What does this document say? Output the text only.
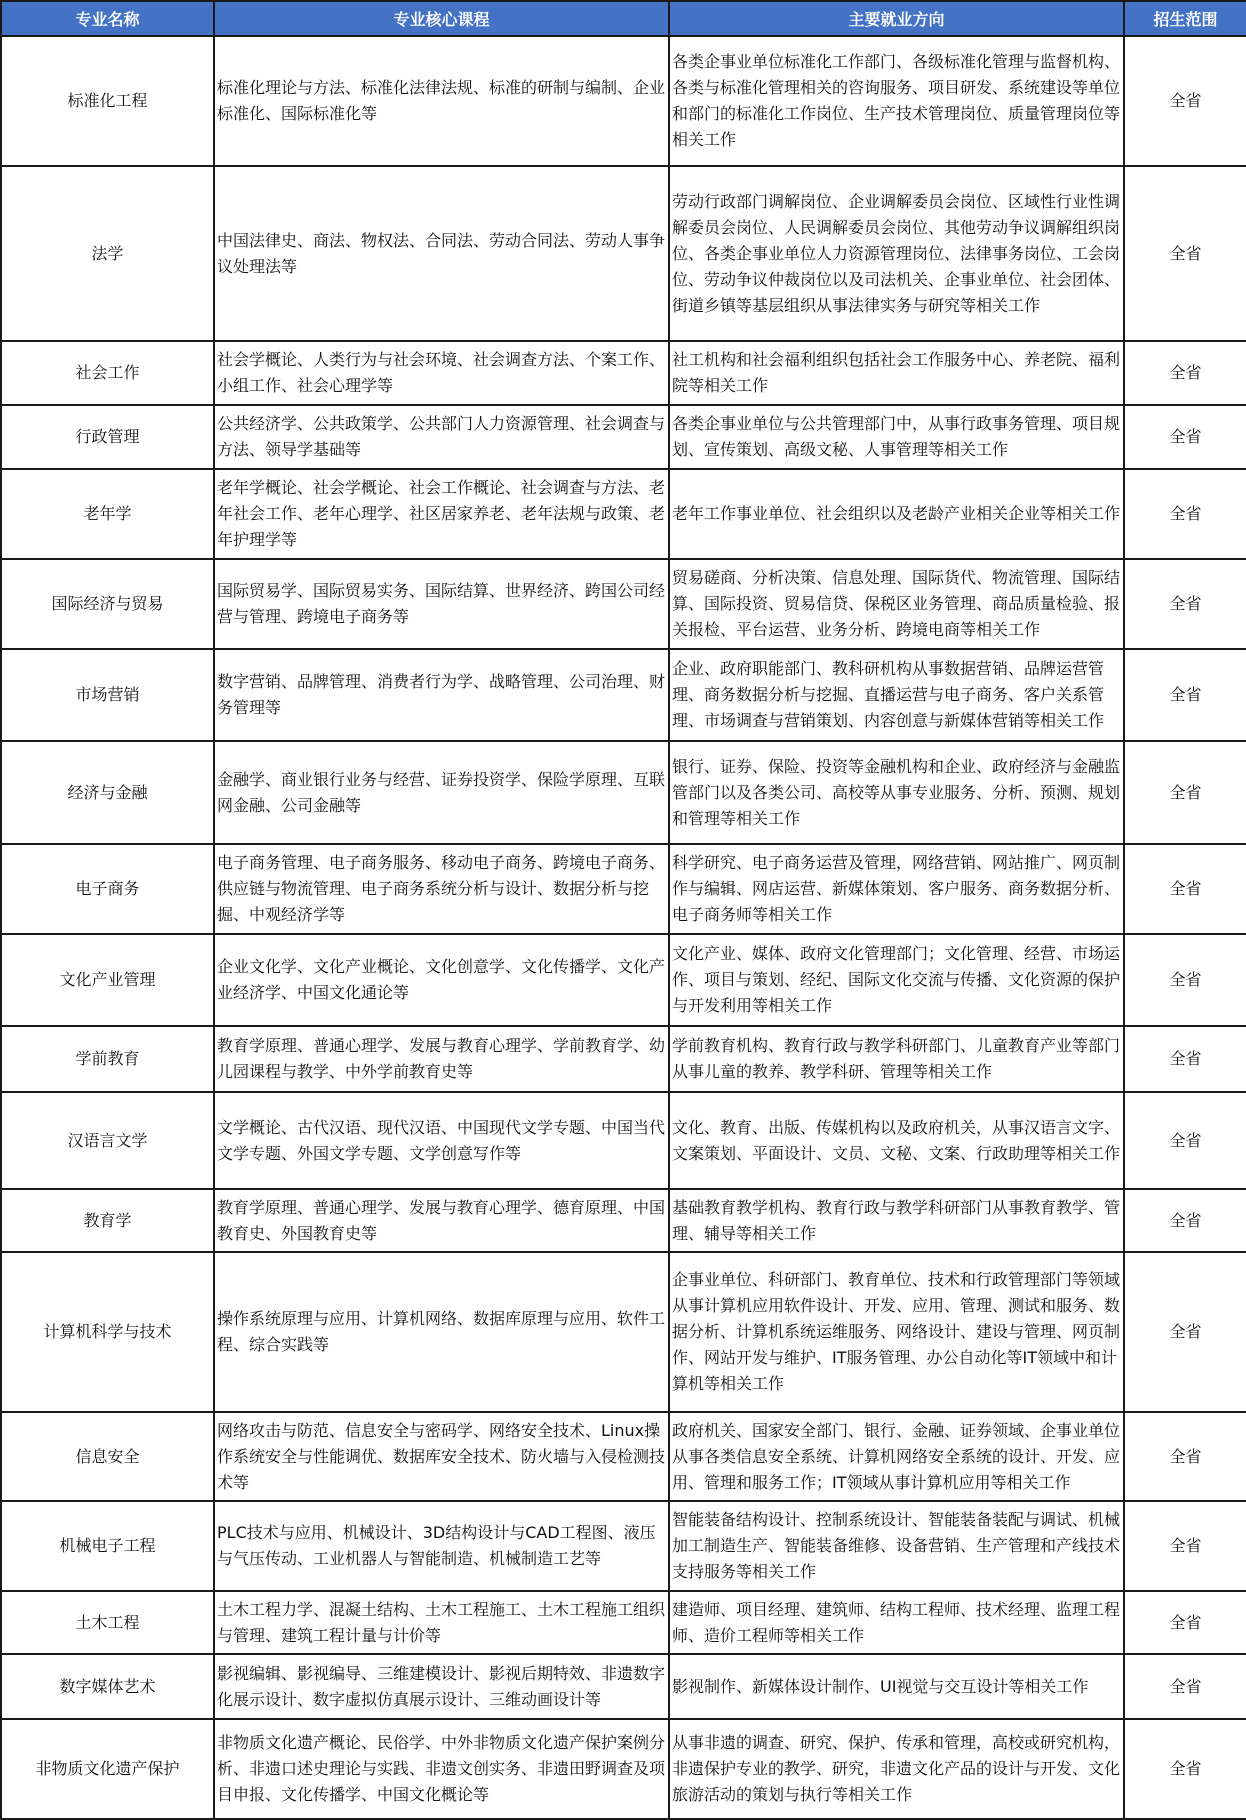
专业名称	专业核心课程	主要就业方向	招生范围

标准化工程	标准化理论与方法、标准化法律法规、标准的研制与编制、企业标准化、国际标准化等	各类企事业单位标准化工作部门、各级标准化管理与监督机构、各类与标准化管理相关的咨询服务、项目研发、系统建设等单位和部门的标准化工作岗位、生产技术管理岗位、质量管理岗位等相关工作	全省

法学	中国法律史、商法、物权法、合同法、劳动合同法、劳动人事争议处理法等	劳动行政部门调解岗位、企业调解委员会岗位、区域性行业性调解委员会岗位、人民调解委员会岗位、其他劳动争议调解组织岗位、各类企事业单位人力资源管理岗位、法律事务岗位、工会岗位、劳动争议仲裁岗位以及司法机关、企事业单位、社会团体、街道乡镇等基层组织从事法律实务与研究等相关工作	全省

社会工作	社会学概论、人类行为与社会环境、社会调查方法、个案工作、小组工作、社会心理学等	社工机构和社会福利组织包括社会工作服务中心、养老院、福利院等相关工作	全省

行政管理	公共经济学、公共政策学、公共部门人力资源管理、社会调查与方法、领导学基础等	各类企事业单位与公共管理部门中，从事行政事务管理、项目规划、宣传策划、高级文秘、人事管理等相关工作	全省

老年学	老年学概论、社会学概论、社会工作概论、社会调查与方法、老年社会工作、老年心理学、社区居家养老、老年法规与政策、老年护理学等	老年工作事业单位、社会组织以及老龄产业相关企业等相关工作	全省

国际经济与贸易	国际贸易学、国际贸易实务、国际结算、世界经济、跨国公司经营与管理、跨境电子商务等	贸易磋商、分析决策、信息处理、国际货代、物流管理、国际结算、国际投资、贸易信贷、保税区业务管理、商品质量检验、报关报检、平台运营、业务分析、跨境电商等相关工作	全省

市场营销	数字营销、品牌管理、消费者行为学、战略管理、公司治理、财务管理等	企业、政府职能部门、教科研机构从事数据营销、品牌运营管理、商务数据分析与挖掘、直播运营与电子商务、客户关系管理、市场调查与营销策划、内容创意与新媒体营销等相关工作	全省

经济与金融	金融学、商业银行业务与经营、证券投资学、保险学原理、互联网金融、公司金融等	银行、证券、保险、投资等金融机构和企业、政府经济与金融监管部门以及各类公司、高校等从事专业服务、分析、预测、规划和管理等相关工作	全省

电子商务	电子商务管理、电子商务服务、移动电子商务、跨境电子商务、供应链与物流管理、电子商务系统分析与设计、数据分析与挖掘、中观经济学等	科学研究、电子商务运营及管理，网络营销、网站推广、网页制作与编辑、网店运营、新媒体策划、客户服务、商务数据分析、电子商务师等相关工作	全省

文化产业管理	企业文化学、文化产业概论、文化创意学、文化传播学、文化产业经济学、中国文化通论等	文化产业、媒体、政府文化管理部门；文化管理、经营、市场运作、项目与策划、经纪、国际文化交流与传播、文化资源的保护与开发利用等相关工作	全省

学前教育	教育学原理、普通心理学、发展与教育心理学、学前教育学、幼儿园课程与教学、中外学前教育史等	学前教育机构、教育行政与教学科研部门、儿童教育产业等部门从事儿童的教养、教学科研、管理等相关工作	全省

汉语言文学	文学概论、古代汉语、现代汉语、中国现代文学专题、中国当代文学专题、外国文学专题、文学创意写作等	文化、教育、出版、传媒机构以及政府机关，从事汉语言文字、文案策划、平面设计、文员、文秘、文案、行政助理等相关工作	全省

教育学	教育学原理、普通心理学、发展与教育心理学、德育原理、中国教育史、外国教育史等	基础教育教学机构、教育行政与教学科研部门从事教育教学、管理、辅导等相关工作	全省

计算机科学与技术	操作系统原理与应用、计算机网络、数据库原理与应用、软件工程、综合实践等	企事业单位、科研部门、教育单位、技术和行政管理部门等领域从事计算机应用软件设计、开发、应用、管理、测试和服务、数据分析、计算机系统运维服务、网络设计、建设与管理、网页制作、网站开发与维护、IT服务管理、办公自动化等IT领域中和计算机等相关工作	全省

信息安全	网络攻击与防范、信息安全与密码学、网络安全技术、Linux操作系统安全与性能调优、数据库安全技术、防火墙与入侵检测技术等	政府机关、国家安全部门、银行、金融、证券领域、企事业单位从事各类信息安全系统、计算机网络安全系统的设计、开发、应用、管理和服务工作；IT领域从事计算机应用等相关工作	全省

机械电子工程	PLC技术与应用、机械设计、3D结构设计与CAD工程图、液压与气压传动、工业机器人与智能制造、机械制造工艺等	智能装备结构设计、控制系统设计、智能装备装配与调试、机械加工制造生产、智能装备维修、设备营销、生产管理和产线技术支持服务等相关工作	全省

土木工程	土木工程力学、混凝土结构、土木工程施工、土木工程施工组织与管理、建筑工程计量与计价等	建造师、项目经理、建筑师、结构工程师、技术经理、监理工程师、造价工程师等相关工作	全省

数字媒体艺术	影视编辑、影视编导、三维建模设计、影视后期特效、非遗数字化展示设计、数字虚拟仿真展示设计、三维动画设计等	影视制作、新媒体设计制作、UI视觉与交互设计等相关工作	全省

非物质文化遗产保护	非物质文化遗产概论、民俗学、中外非物质文化遗产保护案例分析、非遗口述史理论与实践、非遗文创实务、非遗田野调查及项目申报、文化传播学、中国文化概论等	从事非遗的调查、研究、保护、传承和管理，高校或研究机构，非遗保护专业的教学、研究，非遗文化产品的设计与开发、文化旅游活动的策划与执行等相关工作	全省
